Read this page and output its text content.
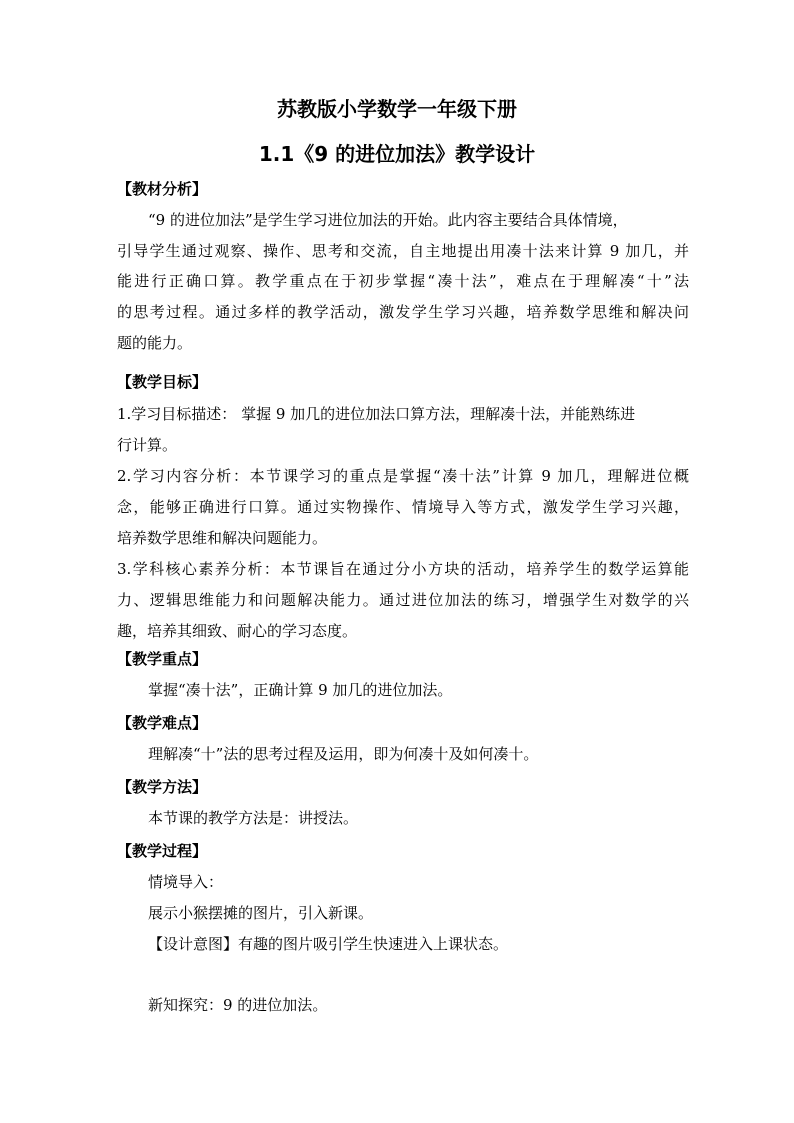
苏教版小学数学一年级下册
1.1《9 的进位加法》教学设计
【教材分析】
“9 的进位加法”是学生学习进位加法的开始。此内容主要结合具体情境，
引导学生通过观察、操作、思考和交流，自主地提出用凑十法来计算 9 加几，并
能进行正确口算。教学重点在于初步掌握“凑十法”，难点在于理解凑“十”法
的思考过程。通过多样的教学活动，激发学生学习兴趣，培养数学思维和解决问
题的能力。
【教学目标】
1.学习目标描述： 掌握 9 加几的进位加法口算方法，理解凑十法，并能熟练进
行计算。
2.学习内容分析：本节课学习的重点是掌握“凑十法”计算 9 加几，理解进位概
念，能够正确进行口算。通过实物操作、情境导入等方式，激发学生学习兴趣，
培养数学思维和解决问题能力。
3.学科核心素养分析：本节课旨在通过分小方块的活动，培养学生的数学运算能
力、逻辑思维能力和问题解决能力。通过进位加法的练习，增强学生对数学的兴
趣，培养其细致、耐心的学习态度。
【教学重点】
掌握“凑十法”，正确计算 9 加几的进位加法。
【教学难点】
理解凑“十”法的思考过程及运用，即为何凑十及如何凑十。
【教学方法】
本节课的教学方法是：讲授法。
【教学过程】
情境导入：
展示小猴摆摊的图片，引入新课。
【设计意图】有趣的图片吸引学生快速进入上课状态。
新知探究：9 的进位加法。
